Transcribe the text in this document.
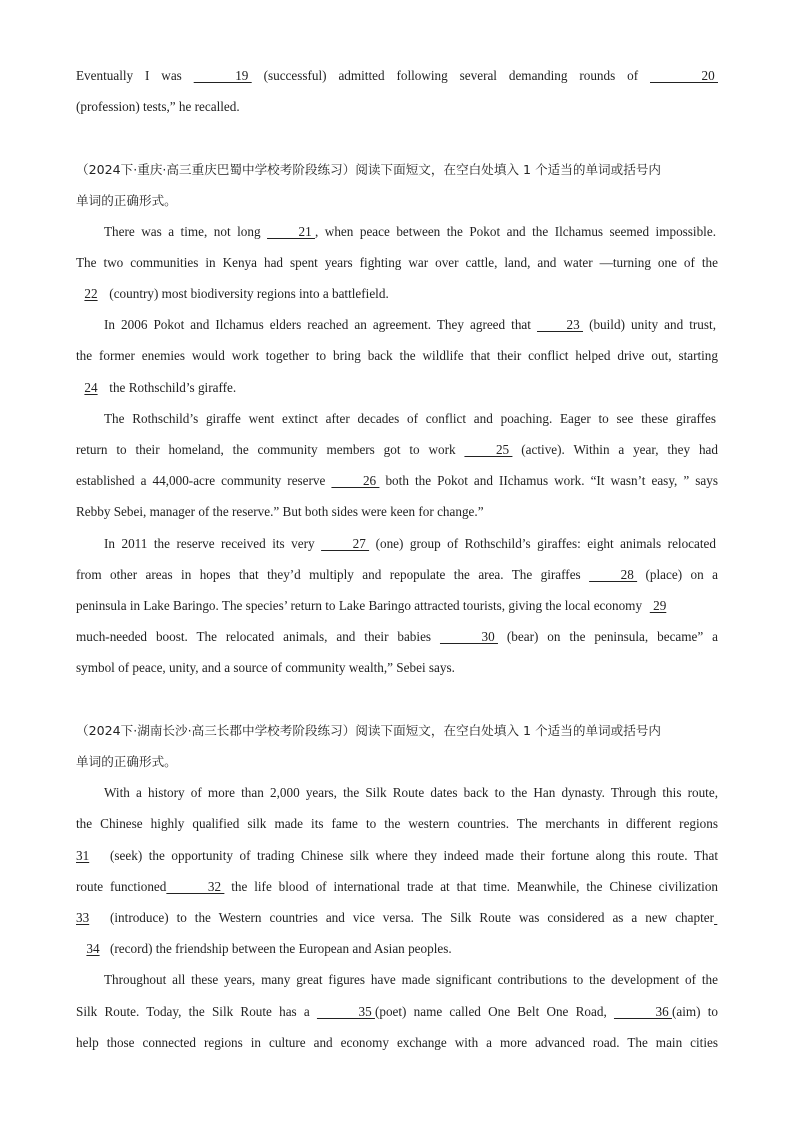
Eventually I was  19  (successful) admitted following several demanding rounds of  20
(profession) tests,” he recalled.
（2024下·重庆·高三重庆巴蜀中学校考阶段练习）阅读下面短文，在空白处填入 1 个适当的单词或括号内
单词的正确形式。
There was a time, not long  21 , when peace between the Pokot and the Ilchamus seemed impossible.
The two communities in Kenya had spent years fighting war over cattle, land, and water —turning one of the
22 (country) most biodiversity regions into a battlefield.
In 2006 Pokot and Ilchamus elders reached an agreement. They agreed that  23  (build) unity and trust,
the former enemies would work together to bring back the wildlife that their conflict helped drive out, starting
24 the Rothschild’s giraffe.
The Rothschild’s giraffe went extinct after decades of conflict and poaching. Eager to see these giraffes
return to their homeland, the community members got to work  25  (active). Within a year, they had
established a 44,000-acre community reserve  26  both the Pokot and IIchamus work. “It wasn’t easy, ” says
Rebby Sebei, manager of the reserve.” But both sides were keen for change.”
In 2011 the reserve received its very  27  (one) group of Rothschild’s giraffes: eight animals relocated
from other areas in hopes that they’d multiply and repopulate the area. The giraffes  28  (place) on a
peninsula in Lake Baringo. The species’ return to Lake Baringo attracted tourists, giving the local economy 29
much-needed boost. The relocated animals, and their babies  30  (bear) on the peninsula, became” a
symbol of peace, unity, and a source of community wealth,” Sebei says.
（2024下·湖南长沙·高三长郡中学校考阶段练习）阅读下面短文，在空白处填入 1 个适当的单词或括号内
单词的正确形式。
With a history of more than 2,000 years, the Silk Route dates back to the Han dynasty. Through this route,
the Chinese highly qualified silk made its fame to the western countries. The merchants in different regions
31 (seek) the opportunity of trading Chinese silk where they indeed made their fortune along this route. That
route functioned 32  the life blood of international trade at that time. Meanwhile, the Chinese civilization
33 (introduce) to the Western countries and vice versa. The Silk Route was considered as a new chapter
34 (record) the friendship between the European and Asian peoples.
Throughout all these years, many great figures have made significant contributions to the development of the
Silk Route. Today, the Silk Route has a  35 (poet) name called One Belt One Road,  36 (aim) to
help those connected regions in culture and economy exchange with a more advanced road. The main cities
